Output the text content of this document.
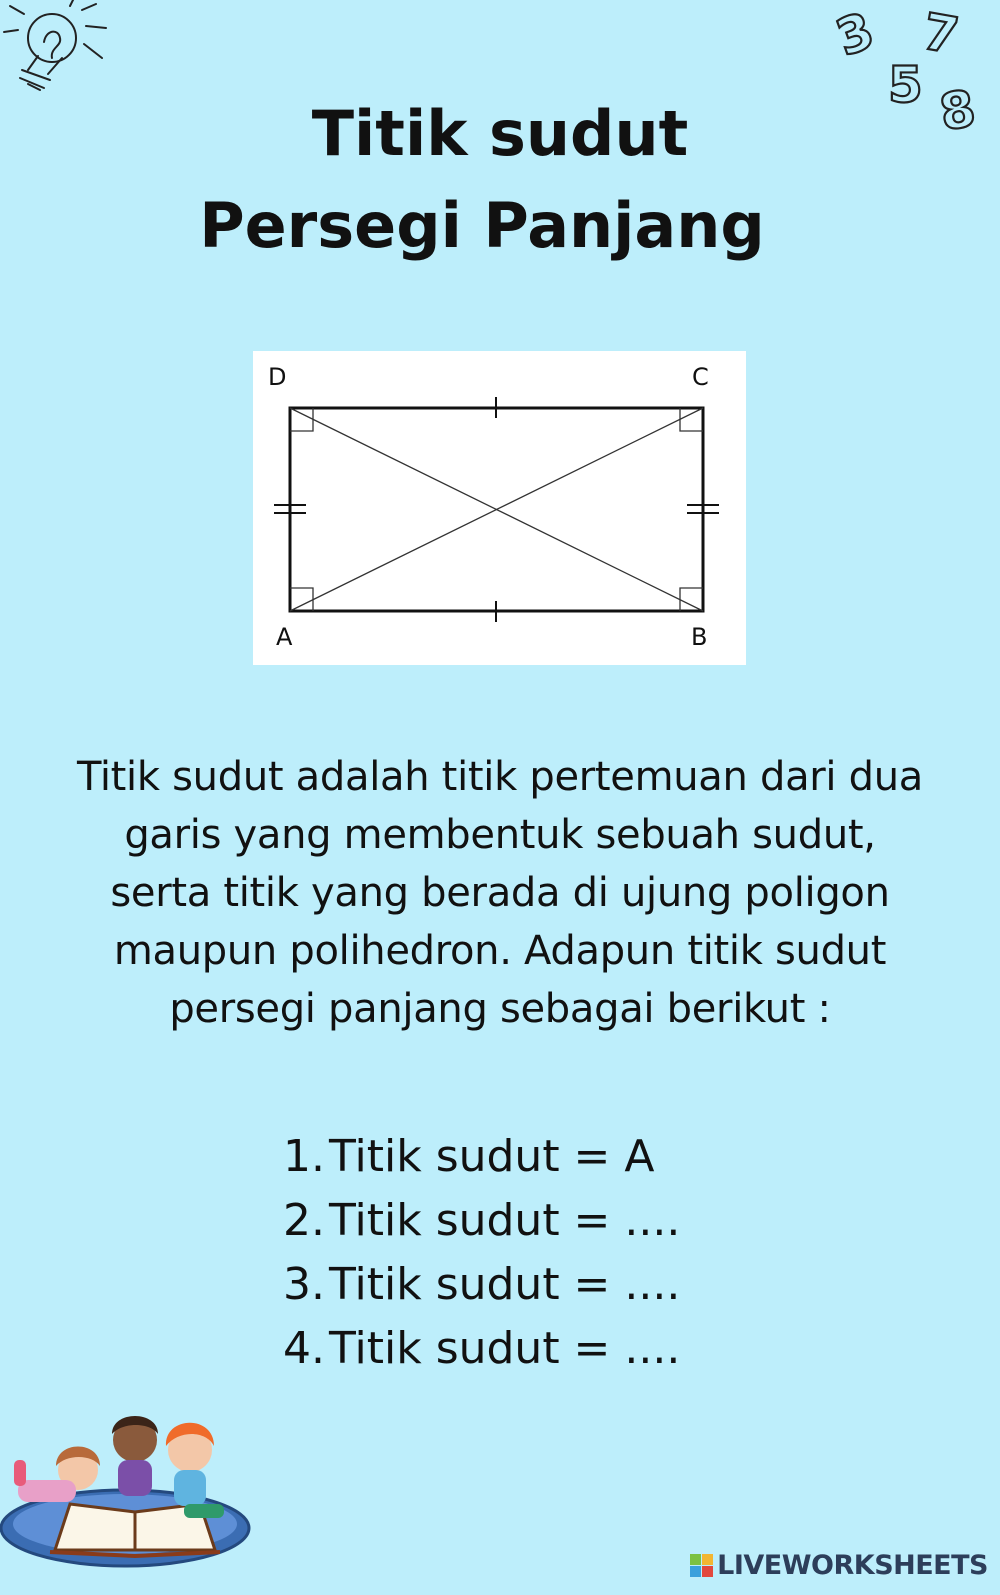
3 7
5 8
Titik sudut
Persegi Panjang
D	C
A	B

Titik sudut adalah titik pertemuan dari dua garis yang membentuk sebuah sudut, serta titik yang berada di ujung poligon maupun polihedron. Adapun titik sudut persegi panjang sebagai berikut :

1.Titik sudut = A
2.Titik sudut = ....
3.Titik sudut = ....
4.Titik sudut = ....
LIVEWORKSHEETS
